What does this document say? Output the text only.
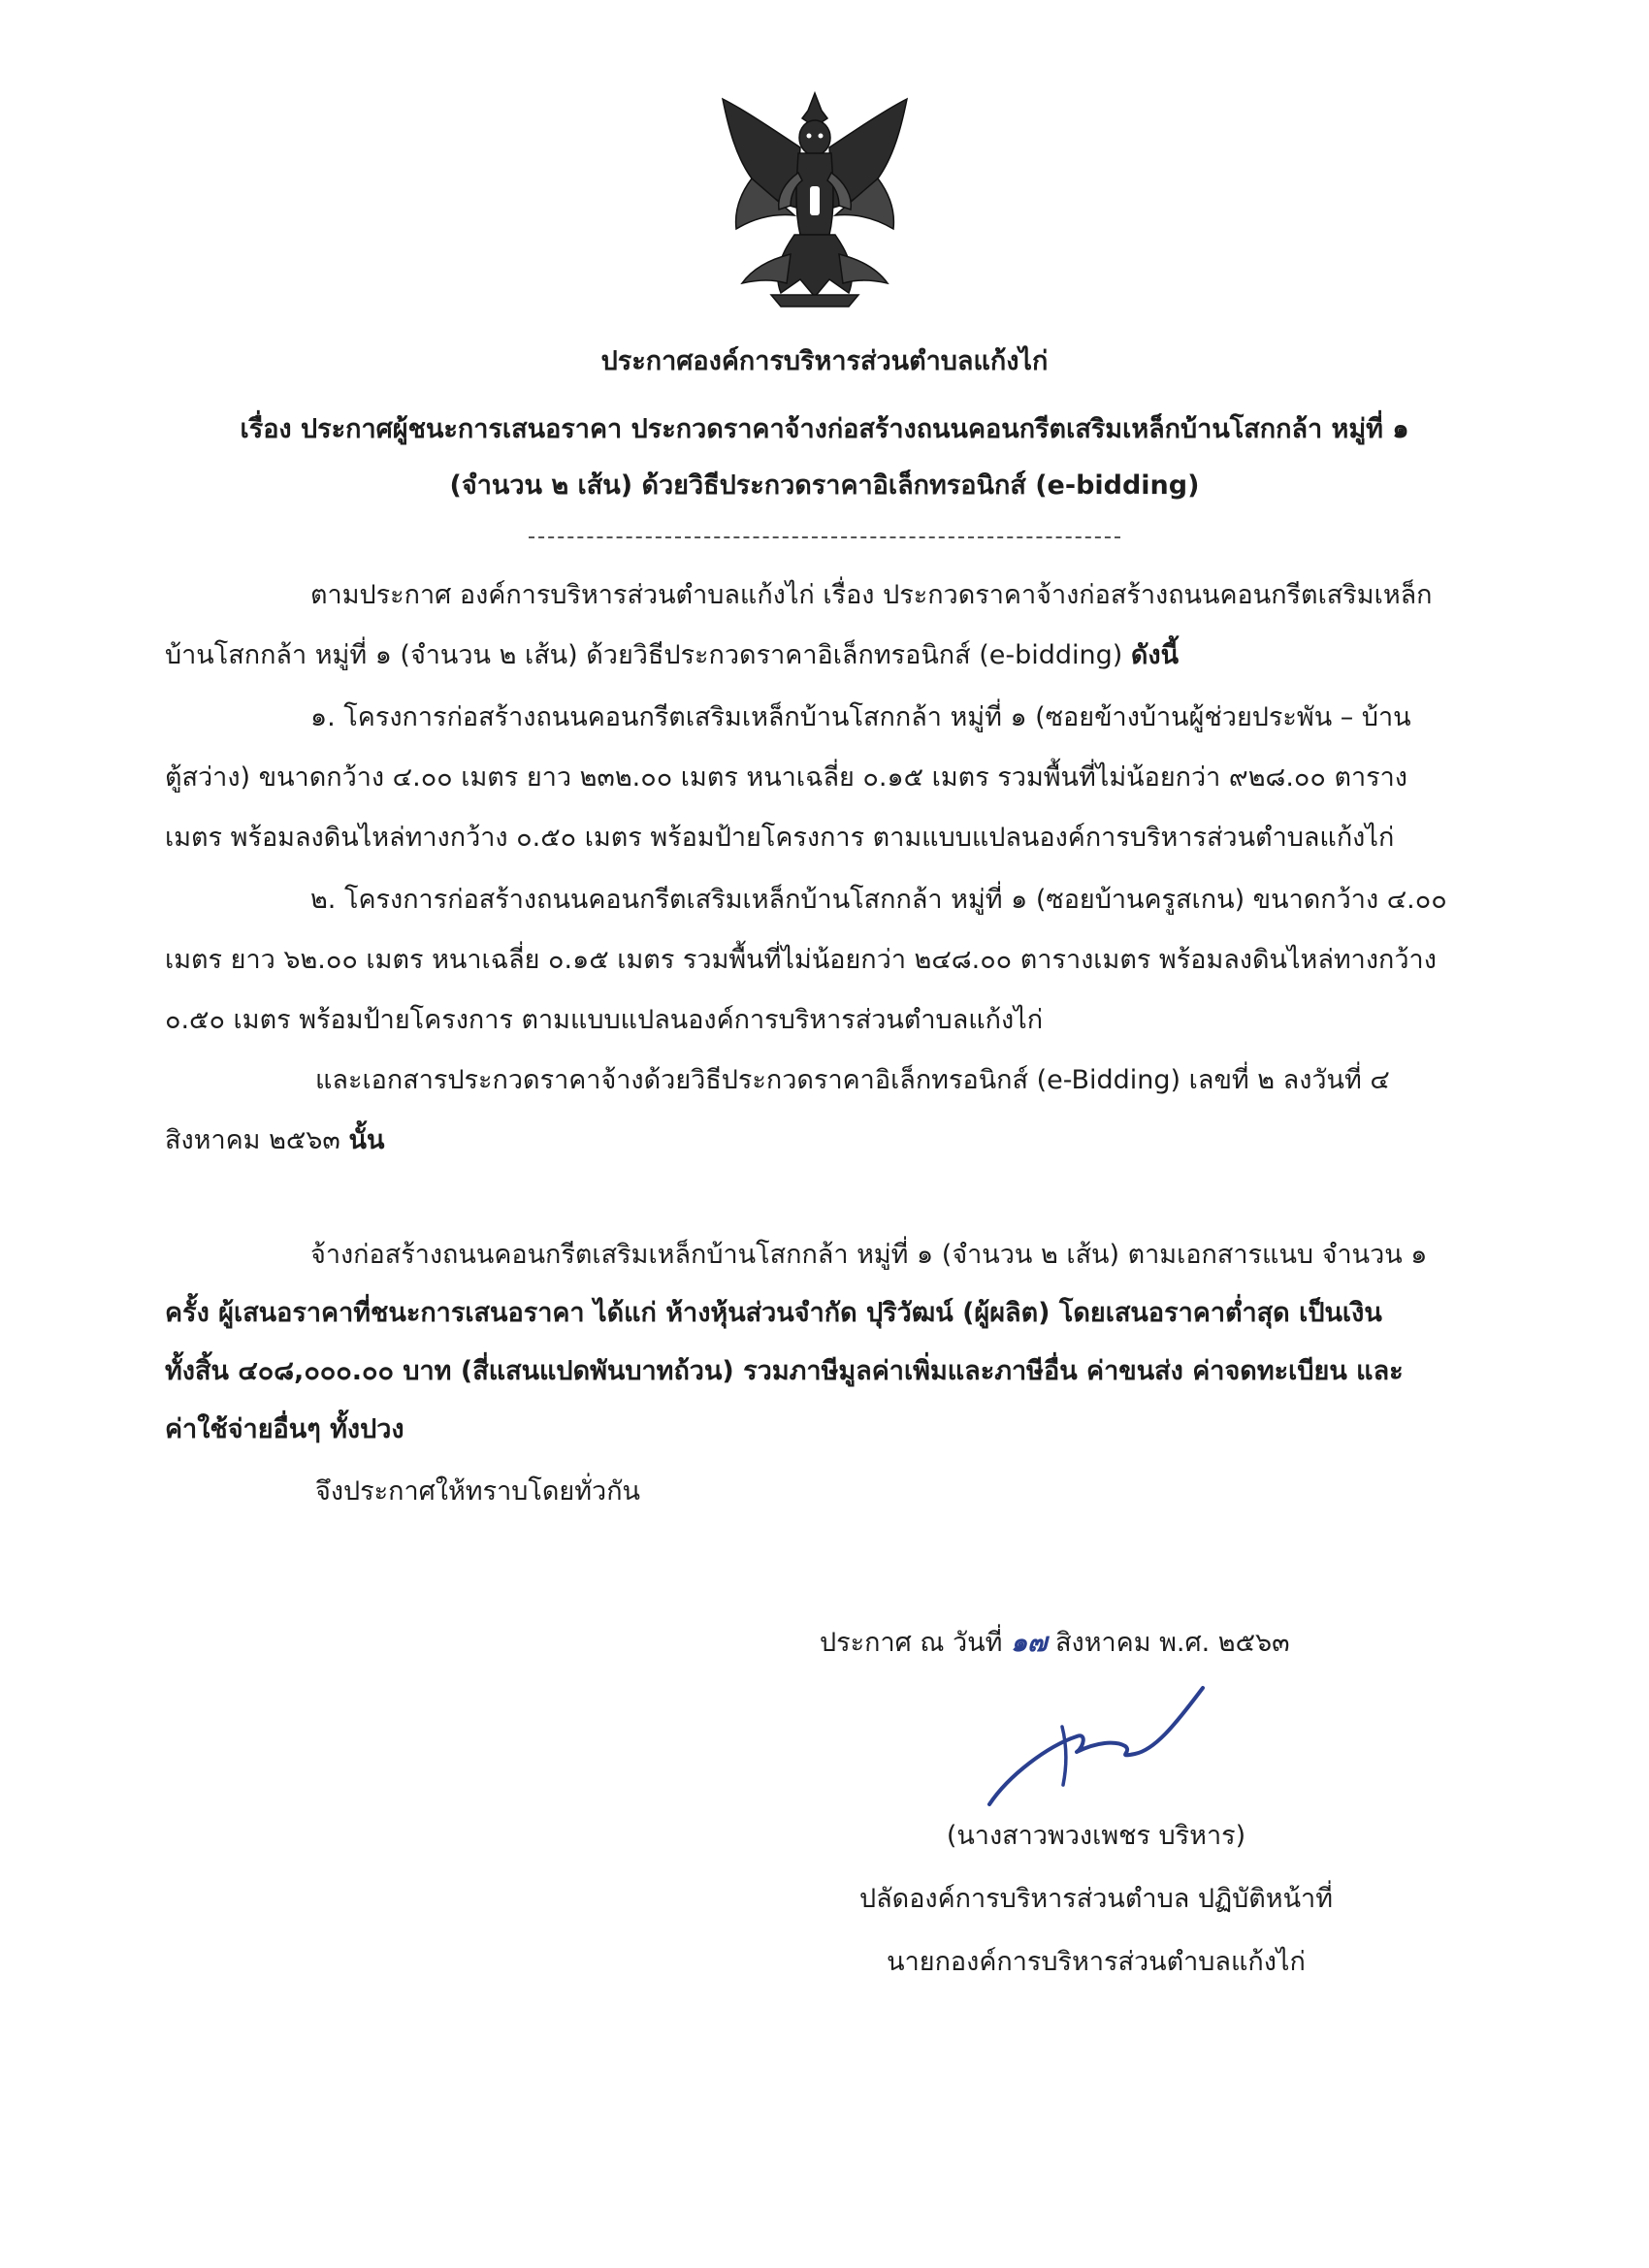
ประกาศองค์การบริหารส่วนตำบลแก้งไก่
เรื่อง ประกาศผู้ชนะการเสนอราคา ประกวดราคาจ้างก่อสร้างถนนคอนกรีตเสริมเหล็กบ้านโสกกล้า หมู่ที่ ๑
(จำนวน ๒ เส้น) ด้วยวิธีประกวดราคาอิเล็กทรอนิกส์ (e-bidding)
ตามประกาศ องค์การบริหารส่วนตำบลแก้งไก่ เรื่อง ประกวดราคาจ้างก่อสร้างถนนคอนกรีตเสริมเหล็ก
บ้านโสกกล้า หมู่ที่ ๑ (จำนวน ๒ เส้น) ด้วยวิธีประกวดราคาอิเล็กทรอนิกส์ (e-bidding) ดังนี้
๑. โครงการก่อสร้างถนนคอนกรีตเสริมเหล็กบ้านโสกกล้า หมู่ที่ ๑ (ซอยข้างบ้านผู้ช่วยประพัน – บ้าน
ตู้สว่าง) ขนาดกว้าง ๔.๐๐ เมตร ยาว ๒๓๒.๐๐ เมตร หนาเฉลี่ย ๐.๑๕ เมตร รวมพื้นที่ไม่น้อยกว่า ๙๒๘.๐๐ ตาราง
เมตร พร้อมลงดินไหล่ทางกว้าง ๐.๕๐ เมตร พร้อมป้ายโครงการ ตามแบบแปลนองค์การบริหารส่วนตำบลแก้งไก่
๒. โครงการก่อสร้างถนนคอนกรีตเสริมเหล็กบ้านโสกกล้า หมู่ที่ ๑ (ซอยบ้านครูสเกน) ขนาดกว้าง ๔.๐๐
เมตร ยาว ๖๒.๐๐ เมตร หนาเฉลี่ย ๐.๑๕ เมตร รวมพื้นที่ไม่น้อยกว่า ๒๔๘.๐๐ ตารางเมตร พร้อมลงดินไหล่ทางกว้าง
๐.๕๐ เมตร พร้อมป้ายโครงการ ตามแบบแปลนองค์การบริหารส่วนตำบลแก้งไก่
และเอกสารประกวดราคาจ้างด้วยวิธีประกวดราคาอิเล็กทรอนิกส์ (e-Bidding) เลขที่ ๒ ลงวันที่ ๔
สิงหาคม ๒๕๖๓ นั้น
จ้างก่อสร้างถนนคอนกรีตเสริมเหล็กบ้านโสกกล้า หมู่ที่ ๑ (จำนวน ๒ เส้น) ตามเอกสารแนบ จำนวน ๑
ครั้ง ผู้เสนอราคาที่ชนะการเสนอราคา ได้แก่ ห้างหุ้นส่วนจำกัด ปุริวัฒน์ (ผู้ผลิต) โดยเสนอราคาต่ำสุด เป็นเงิน
ทั้งสิ้น ๔๐๘,๐๐๐.๐๐ บาท (สี่แสนแปดพันบาทถ้วน) รวมภาษีมูลค่าเพิ่มและภาษีอื่น ค่าขนส่ง ค่าจดทะเบียน และ
ค่าใช้จ่ายอื่นๆ ทั้งปวง
จึงประกาศให้ทราบโดยทั่วกัน
ประกาศ ณ วันที่ ๑๗ สิงหาคม พ.ศ. ๒๕๖๓
(นางสาวพวงเพชร บริหาร)
ปลัดองค์การบริหารส่วนตำบล ปฏิบัติหน้าที่
นายกองค์การบริหารส่วนตำบลแก้งไก่
